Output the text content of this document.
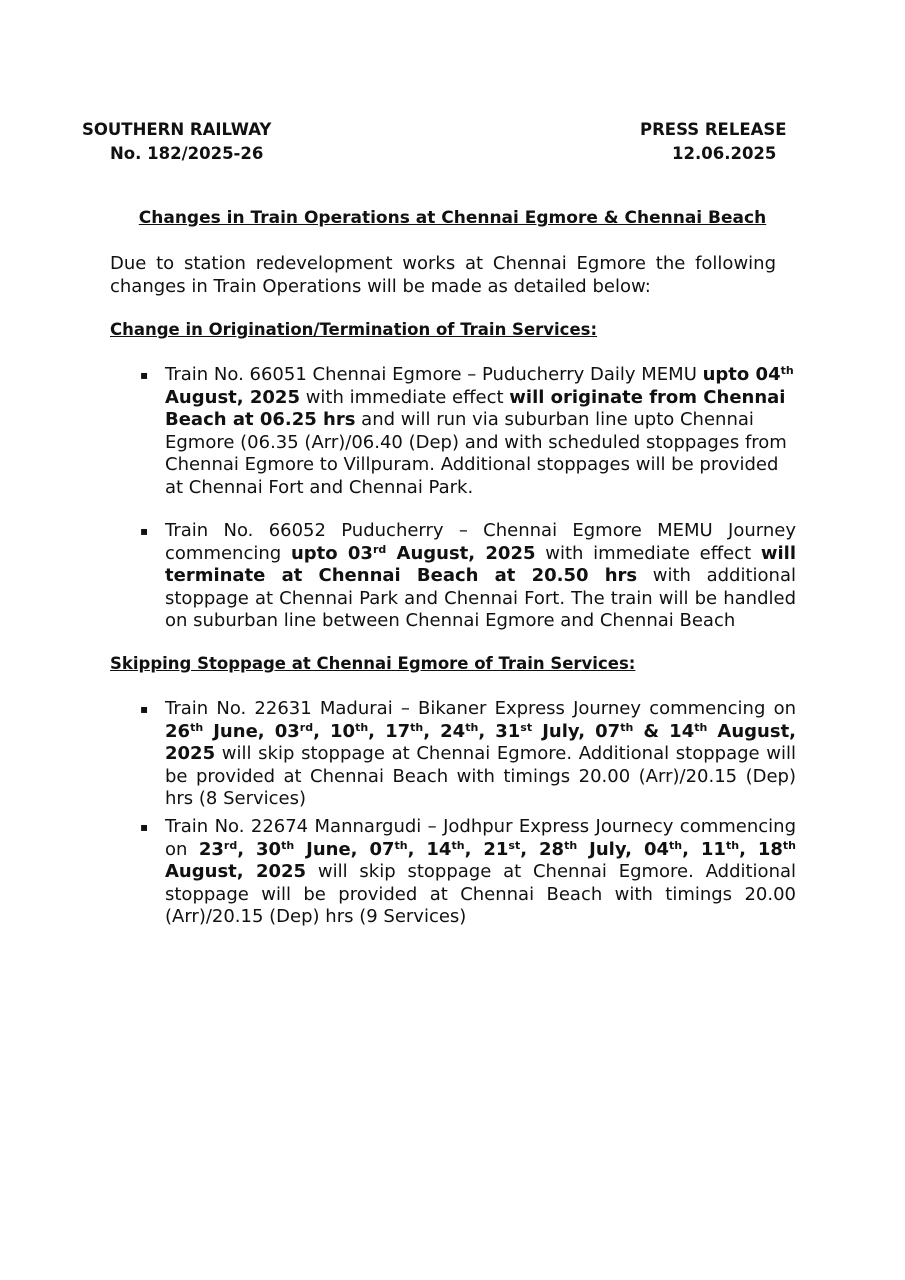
SOUTHERN RAILWAY
No. 182/2025-26
PRESS RELEASE
12.06.2025
Changes in Train Operations at Chennai Egmore & Chennai Beach
Due to station redevelopment works at Chennai Egmore the following changes in Train Operations will be made as detailed below:
Change in Origination/Termination of Train Services:
▪ Train No. 66051 Chennai Egmore – Puducherry Daily MEMU upto 04th August, 2025 with immediate effect will originate from Chennai Beach at 06.25 hrs and will run via suburban line upto Chennai Egmore (06.35 (Arr)/06.40 (Dep) and with scheduled stoppages from Chennai Egmore to Villpuram. Additional stoppages will be provided at Chennai Fort and Chennai Park.
▪ Train No. 66052 Puducherry – Chennai Egmore MEMU Journey commencing upto 03rd August, 2025 with immediate effect will terminate at Chennai Beach at 20.50 hrs with additional stoppage at Chennai Park and Chennai Fort. The train will be handled on suburban line between Chennai Egmore and Chennai Beach
Skipping Stoppage at Chennai Egmore of Train Services:
▪ Train No. 22631 Madurai – Bikaner Express Journey commencing on 26th June, 03rd, 10th, 17th, 24th, 31st July, 07th & 14th August, 2025 will skip stoppage at Chennai Egmore. Additional stoppage will be provided at Chennai Beach with timings 20.00 (Arr)/20.15 (Dep) hrs (8 Services)
▪ Train No. 22674 Mannargudi – Jodhpur Express Journecy commencing on 23rd, 30th June, 07th, 14th, 21st, 28th July, 04th, 11th, 18th August, 2025 will skip stoppage at Chennai Egmore. Additional stoppage will be provided at Chennai Beach with timings 20.00 (Arr)/20.15 (Dep) hrs (9 Services)
